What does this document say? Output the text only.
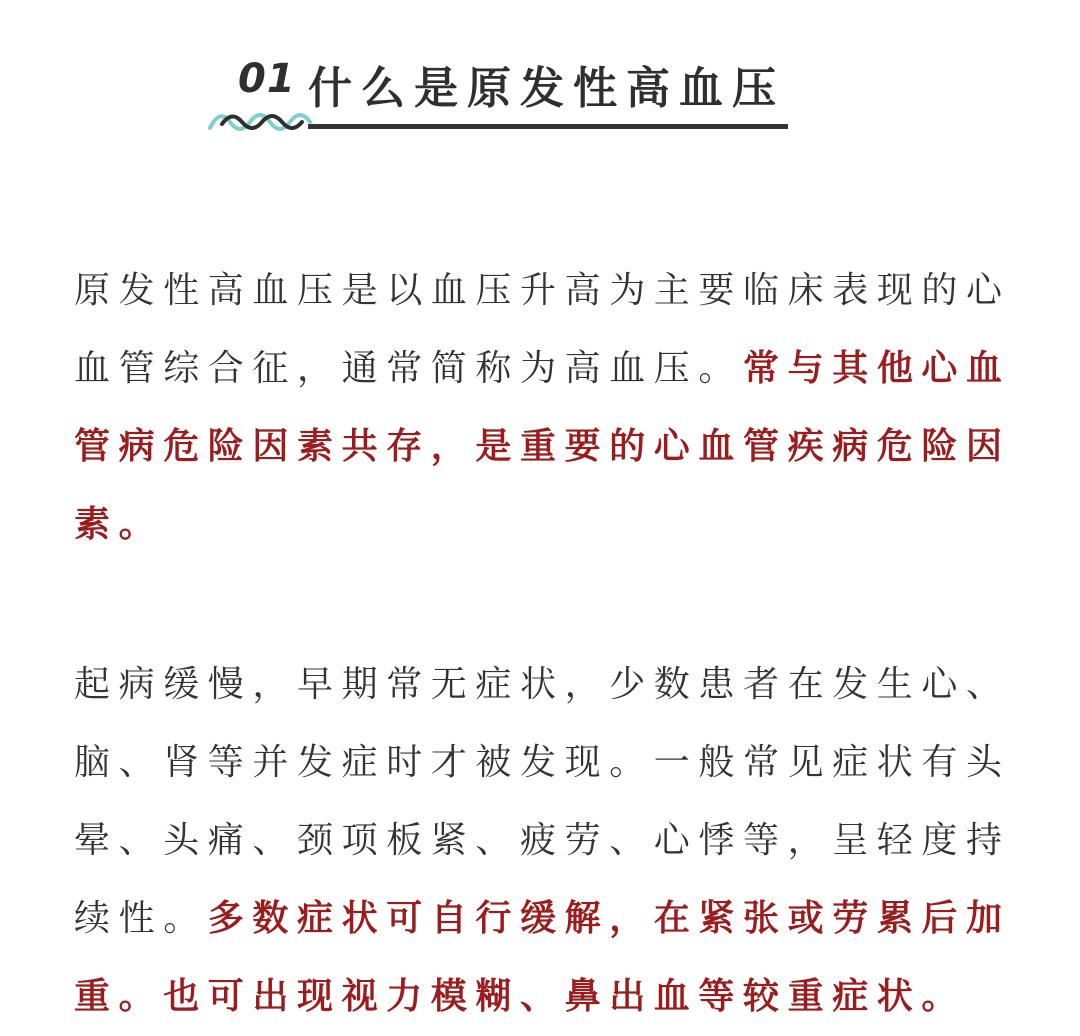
01 什么是原发性高血压

原发性高血压是以血压升高为主要临床表现的心血管综合征，通常简称为高血压。常与其他心血管病危险因素共存，是重要的心血管疾病危险因素。

起病缓慢，早期常无症状，少数患者在发生心、脑、肾等并发症时才被发现。一般常见症状有头晕、头痛、颈项板紧、疲劳、心悸等，呈轻度持续性。多数症状可自行缓解，在紧张或劳累后加重。也可出现视力模糊、鼻出血等较重症状。
